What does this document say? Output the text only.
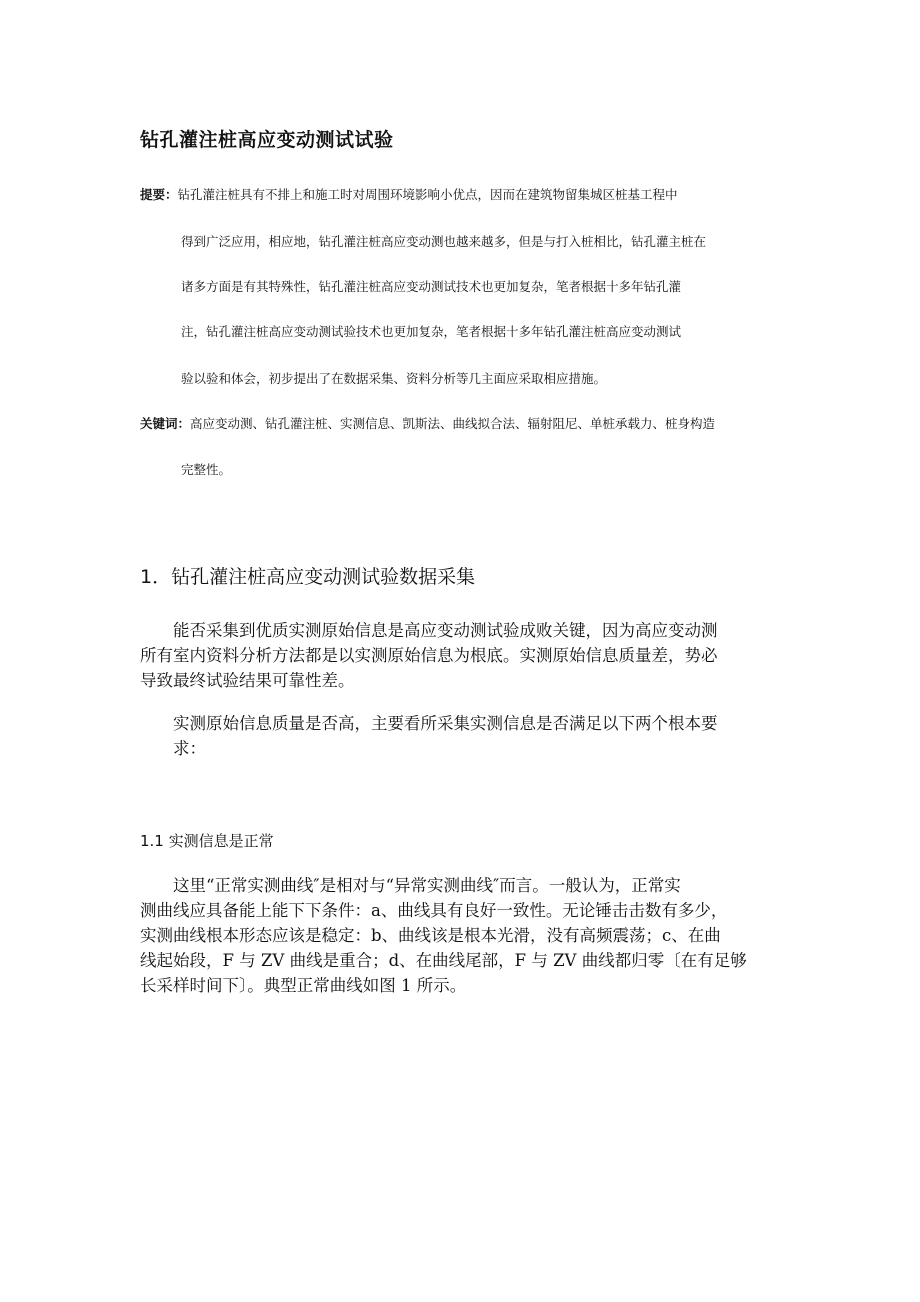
钻孔灌注桩高应变动测试试验
提要：钻孔灌注桩具有不排上和施工时对周围环境影响小优点，因而在建筑物留集城区桩基工程中
得到广泛应用，相应地，钻孔灌注桩高应变动测也越来越多，但是与打入桩相比，钻孔灌主桩在
诸多方面是有其特殊性，钻孔灌注桩高应变动测试技术也更加复杂，笔者根据十多年钻孔灌
注，钻孔灌注桩高应变动测试验技术也更加复杂，笔者根据十多年钻孔灌注桩高应变动测试
验以验和体会，初步提出了在数据采集、资料分析等几主面应采取相应措施。
关键词：高应变动测、钻孔灌注桩、实测信息、凯斯法、曲线拟合法、辐射阻尼、单桩承载力、桩身构造
完整性。
1．钻孔灌注桩高应变动测试验数据采集
能否采集到优质实测原始信息是高应变动测试验成败关键，因为高应变动测
所有室内资料分析方法都是以实测原始信息为根底。实测原始信息质量差，势必
导致最终试验结果可靠性差。
实测原始信息质量是否高，主要看所采集实测信息是否满足以下两个根本要
求：
1.1 实测信息是正常
这里“正常实测曲线″是相对与“异常实测曲线″而言。一般认为，正常实
测曲线应具备能上能下下条件：a、曲线具有良好一致性。无论锤击击数有多少，
实测曲线根本形态应该是稳定：b、曲线该是根本光滑，没有高频震荡；c、在曲
线起始段，F 与 ZV 曲线是重合；d、在曲线尾部，F 与 ZV 曲线都归零〔在有足够
长采样时间下〕。典型正常曲线如图 1 所示。
